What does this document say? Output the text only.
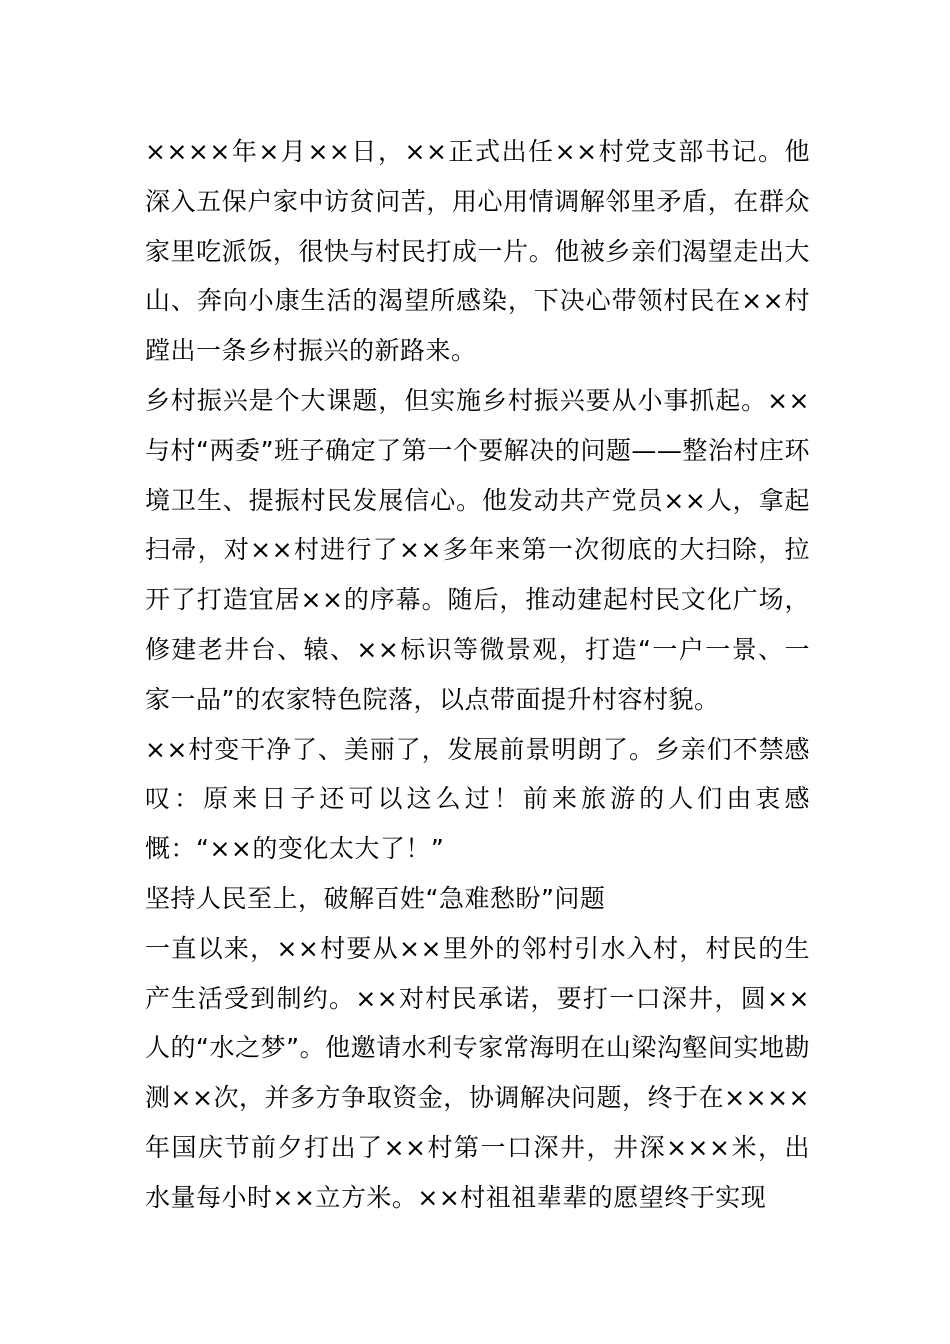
××××年×月××日，××正式出任××村党支部书记。他深入五保户家中访贫问苦，用心用情调解邻里矛盾，在群众家里吃派饭，很快与村民打成一片。他被乡亲们渴望走出大山、奔向小康生活的渴望所感染，下决心带领村民在××村蹚出一条乡村振兴的新路来。

乡村振兴是个大课题，但实施乡村振兴要从小事抓起。××与村“两委”班子确定了第一个要解决的问题——整治村庄环境卫生、提振村民发展信心。他发动共产党员××人，拿起扫帚，对××村进行了××多年来第一次彻底的大扫除，拉开了打造宜居××的序幕。随后，推动建起村民文化广场，修建老井台、辕、××标识等微景观，打造“一户一景、一家一品”的农家特色院落，以点带面提升村容村貌。

××村变干净了、美丽了，发展前景明朗了。乡亲们不禁感叹：原来日子还可以这么过！前来旅游的人们由衷感慨：“××的变化太大了！”

坚持人民至上，破解百姓“急难愁盼”问题

一直以来，××村要从××里外的邻村引水入村，村民的生产生活受到制约。××对村民承诺，要打一口深井，圆××人的“水之梦”。他邀请水利专家常海明在山梁沟壑间实地勘测××次，并多方争取资金，协调解决问题，终于在××××年国庆节前夕打出了××村第一口深井，井深×××米，出水量每小时××立方米。××村祖祖辈辈的愿望终于实现
